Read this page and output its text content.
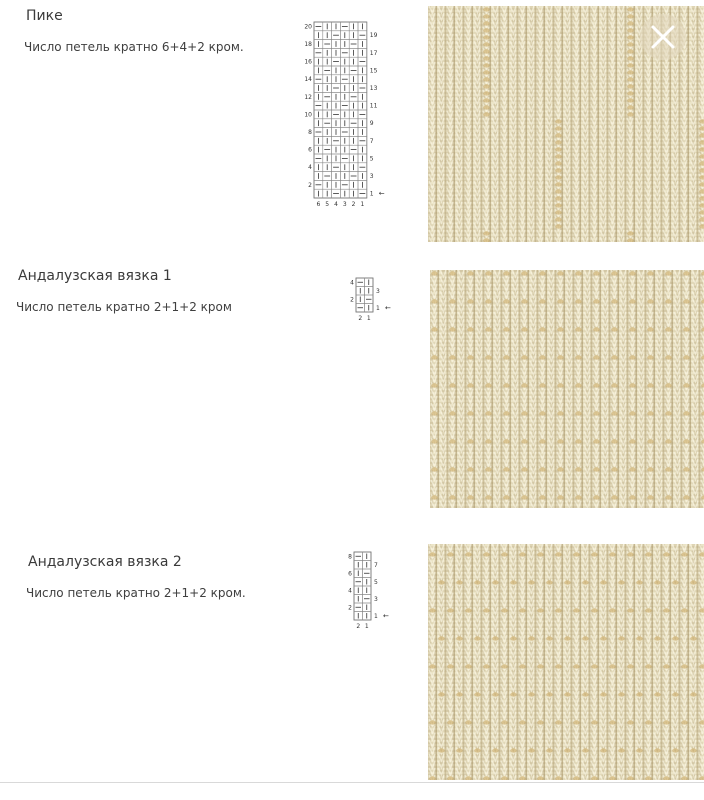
Пике
Число петель кратно 6+4+2 кром.
20
18
16
14
12
10
8
6
4
2
19
17
15
13
11
9
7
5
3
1 ←
6 5 4 3 2 1
Андалузская вязка 1
Число петель кратно 2+1+2 кром
4
2
3
1 ←
2 1
Андалузская вязка 2
Число петель кратно 2+1+2 кром.
8
6
4
2
7
5
3
1 ←
2 1
